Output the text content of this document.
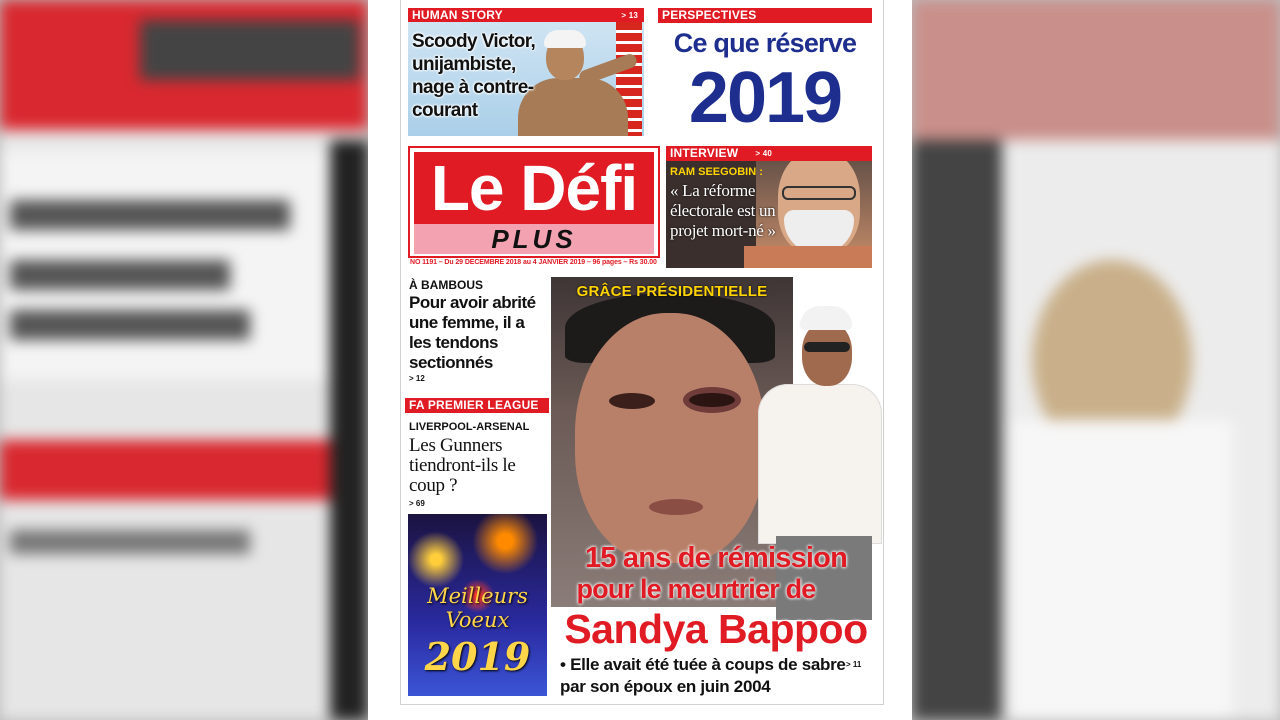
HUMAN STORY	> 13
Scoody Victor, unijambiste, nage à contre-courant
PERSPECTIVES
Ce que réserve
2019
Le Défi
PLUS
NO 1191 – Du 29 DECEMBRE 2018 au 4 JANVIER 2019 – 96 pages – Rs 30.00
INTERVIEW > 40
RAM SEEGOBIN :
« La réforme électorale est un projet mort-né »
À BAMBOUS
Pour avoir abrité une femme, il a les tendons sectionnés
> 12
FA PREMIER LEAGUE
LIVERPOOL-ARSENAL
Les Gunners tiendront-ils le coup ?
> 69
Meilleurs Voeux
2019
GRÂCE PRÉSIDENTIELLE
15 ans de rémission
pour le meurtrier de
Sandya Bappoo
• Elle avait été tuée à coups de sabre par son époux en juin 2004
> 11
